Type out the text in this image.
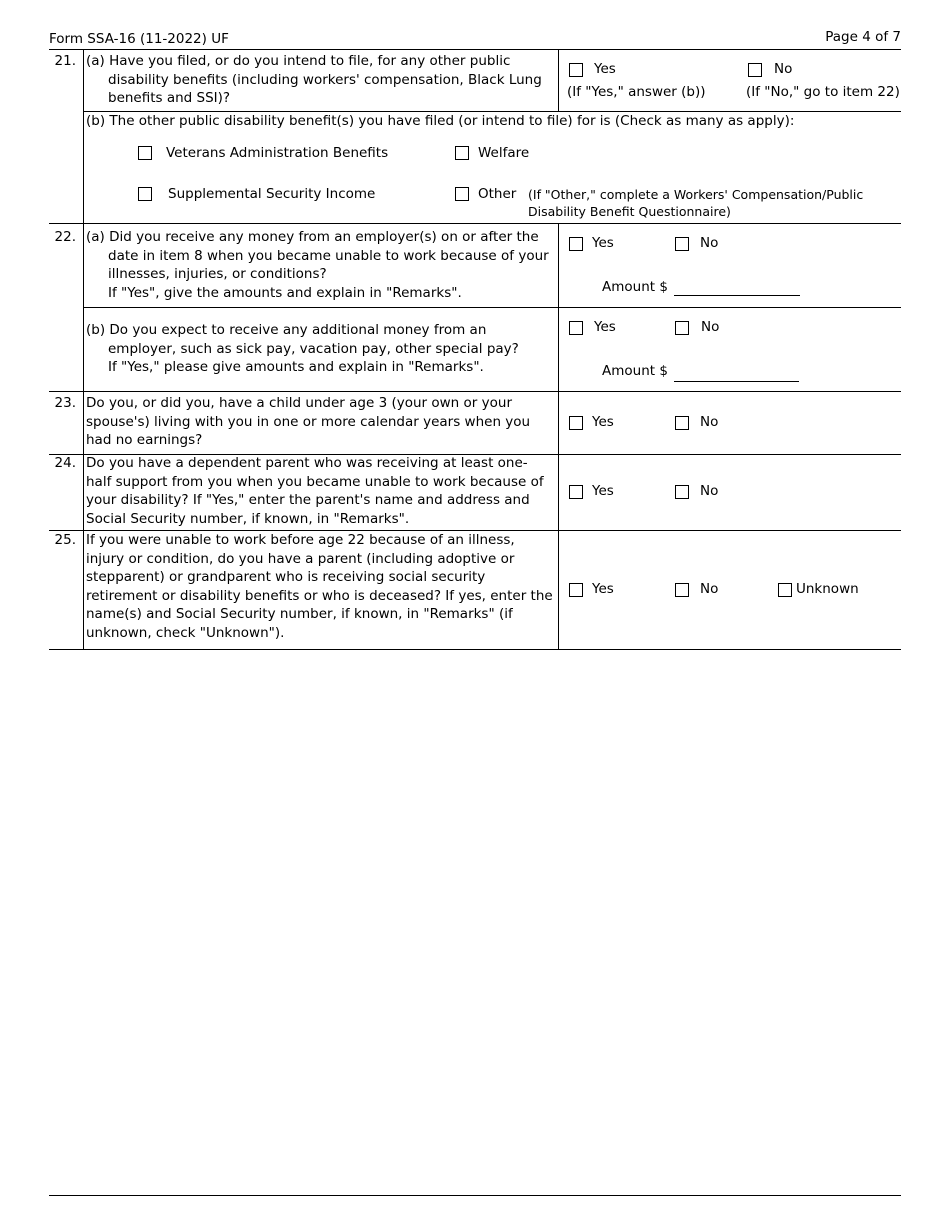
Form SSA-16 (11-2022) UF	Page 4 of 7
21. (a) Have you filed, or do you intend to file, for any other public
disability benefits (including workers' compensation, Black Lung
benefits and SSI)?
Yes	No
(If "Yes," answer (b))	(If "No," go to item 22)
(b) The other public disability benefit(s) you have filed (or intend to file) for is (Check as many as apply):
Veterans Administration Benefits	Welfare
Supplemental Security Income	Other (If "Other," complete a Workers' Compensation/Public
Disability Benefit Questionnaire)
22. (a) Did you receive any money from an employer(s) on or after the
date in item 8 when you became unable to work because of your
illnesses, injuries, or conditions?
If "Yes", give the amounts and explain in "Remarks".
Yes	No
Amount $
(b) Do you expect to receive any additional money from an
employer, such as sick pay, vacation pay, other special pay?
If "Yes," please give amounts and explain in "Remarks".
Yes	No
Amount $
23. Do you, or did you, have a child under age 3 (your own or your
spouse's) living with you in one or more calendar years when you
had no earnings?
Yes	No
24. Do you have a dependent parent who was receiving at least one-
half support from you when you became unable to work because of
your disability? If "Yes," enter the parent's name and address and
Social Security number, if known, in "Remarks".
Yes	No
25. If you were unable to work before age 22 because of an illness,
injury or condition, do you have a parent (including adoptive or
stepparent) or grandparent who is receiving social security
retirement or disability benefits or who is deceased? If yes, enter the
name(s) and Social Security number, if known, in "Remarks" (if
unknown, check "Unknown").
Yes	No	Unknown
